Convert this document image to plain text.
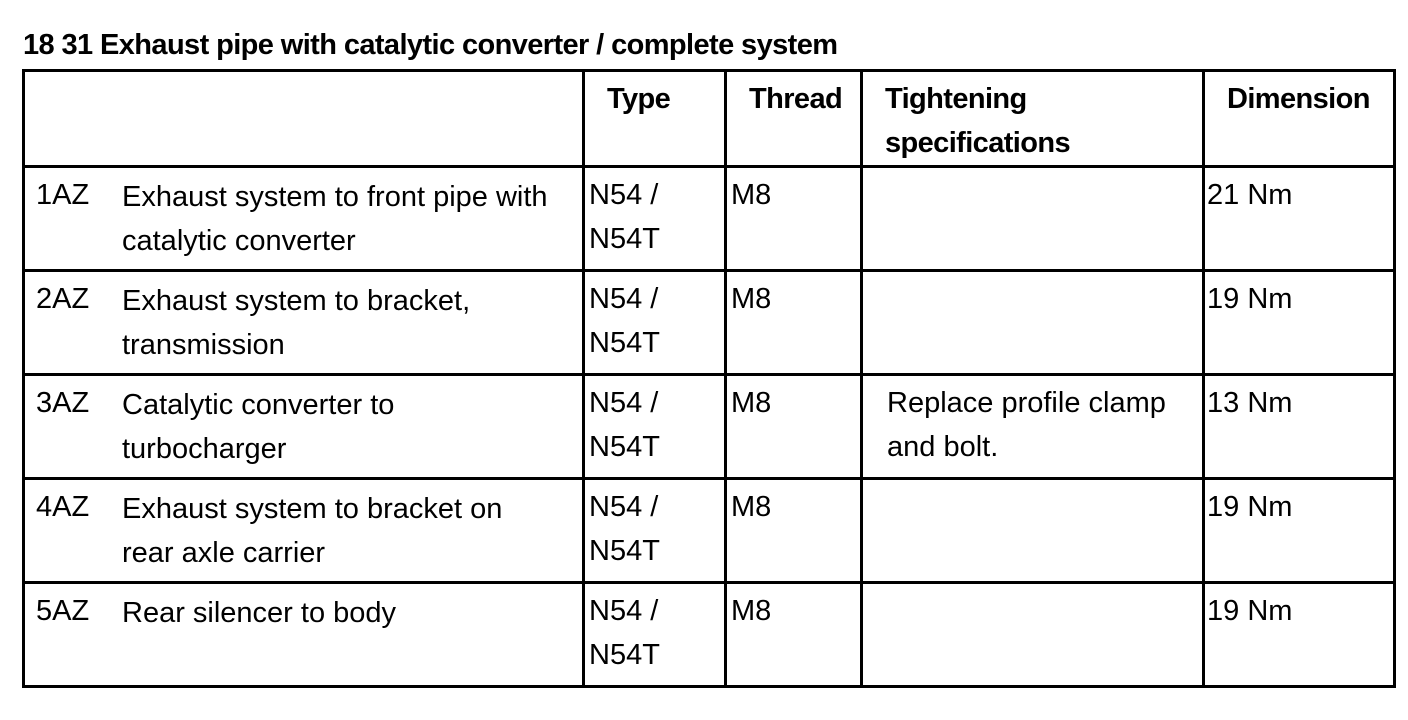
18 31 Exhaust pipe with catalytic converter / complete system

	Type	Thread	Tightening specifications	Dimension

1AZ Exhaust system to front pipe with catalytic converter	N54 / N54T	M8		21 Nm

2AZ Exhaust system to bracket, transmission	N54 / N54T	M8		19 Nm

3AZ Catalytic converter to turbocharger	N54 / N54T	M8	Replace profile clamp and bolt.	13 Nm

4AZ Exhaust system to bracket on rear axle carrier	N54 / N54T	M8		19 Nm

5AZ Rear silencer to body	N54 / N54T	M8		19 Nm
